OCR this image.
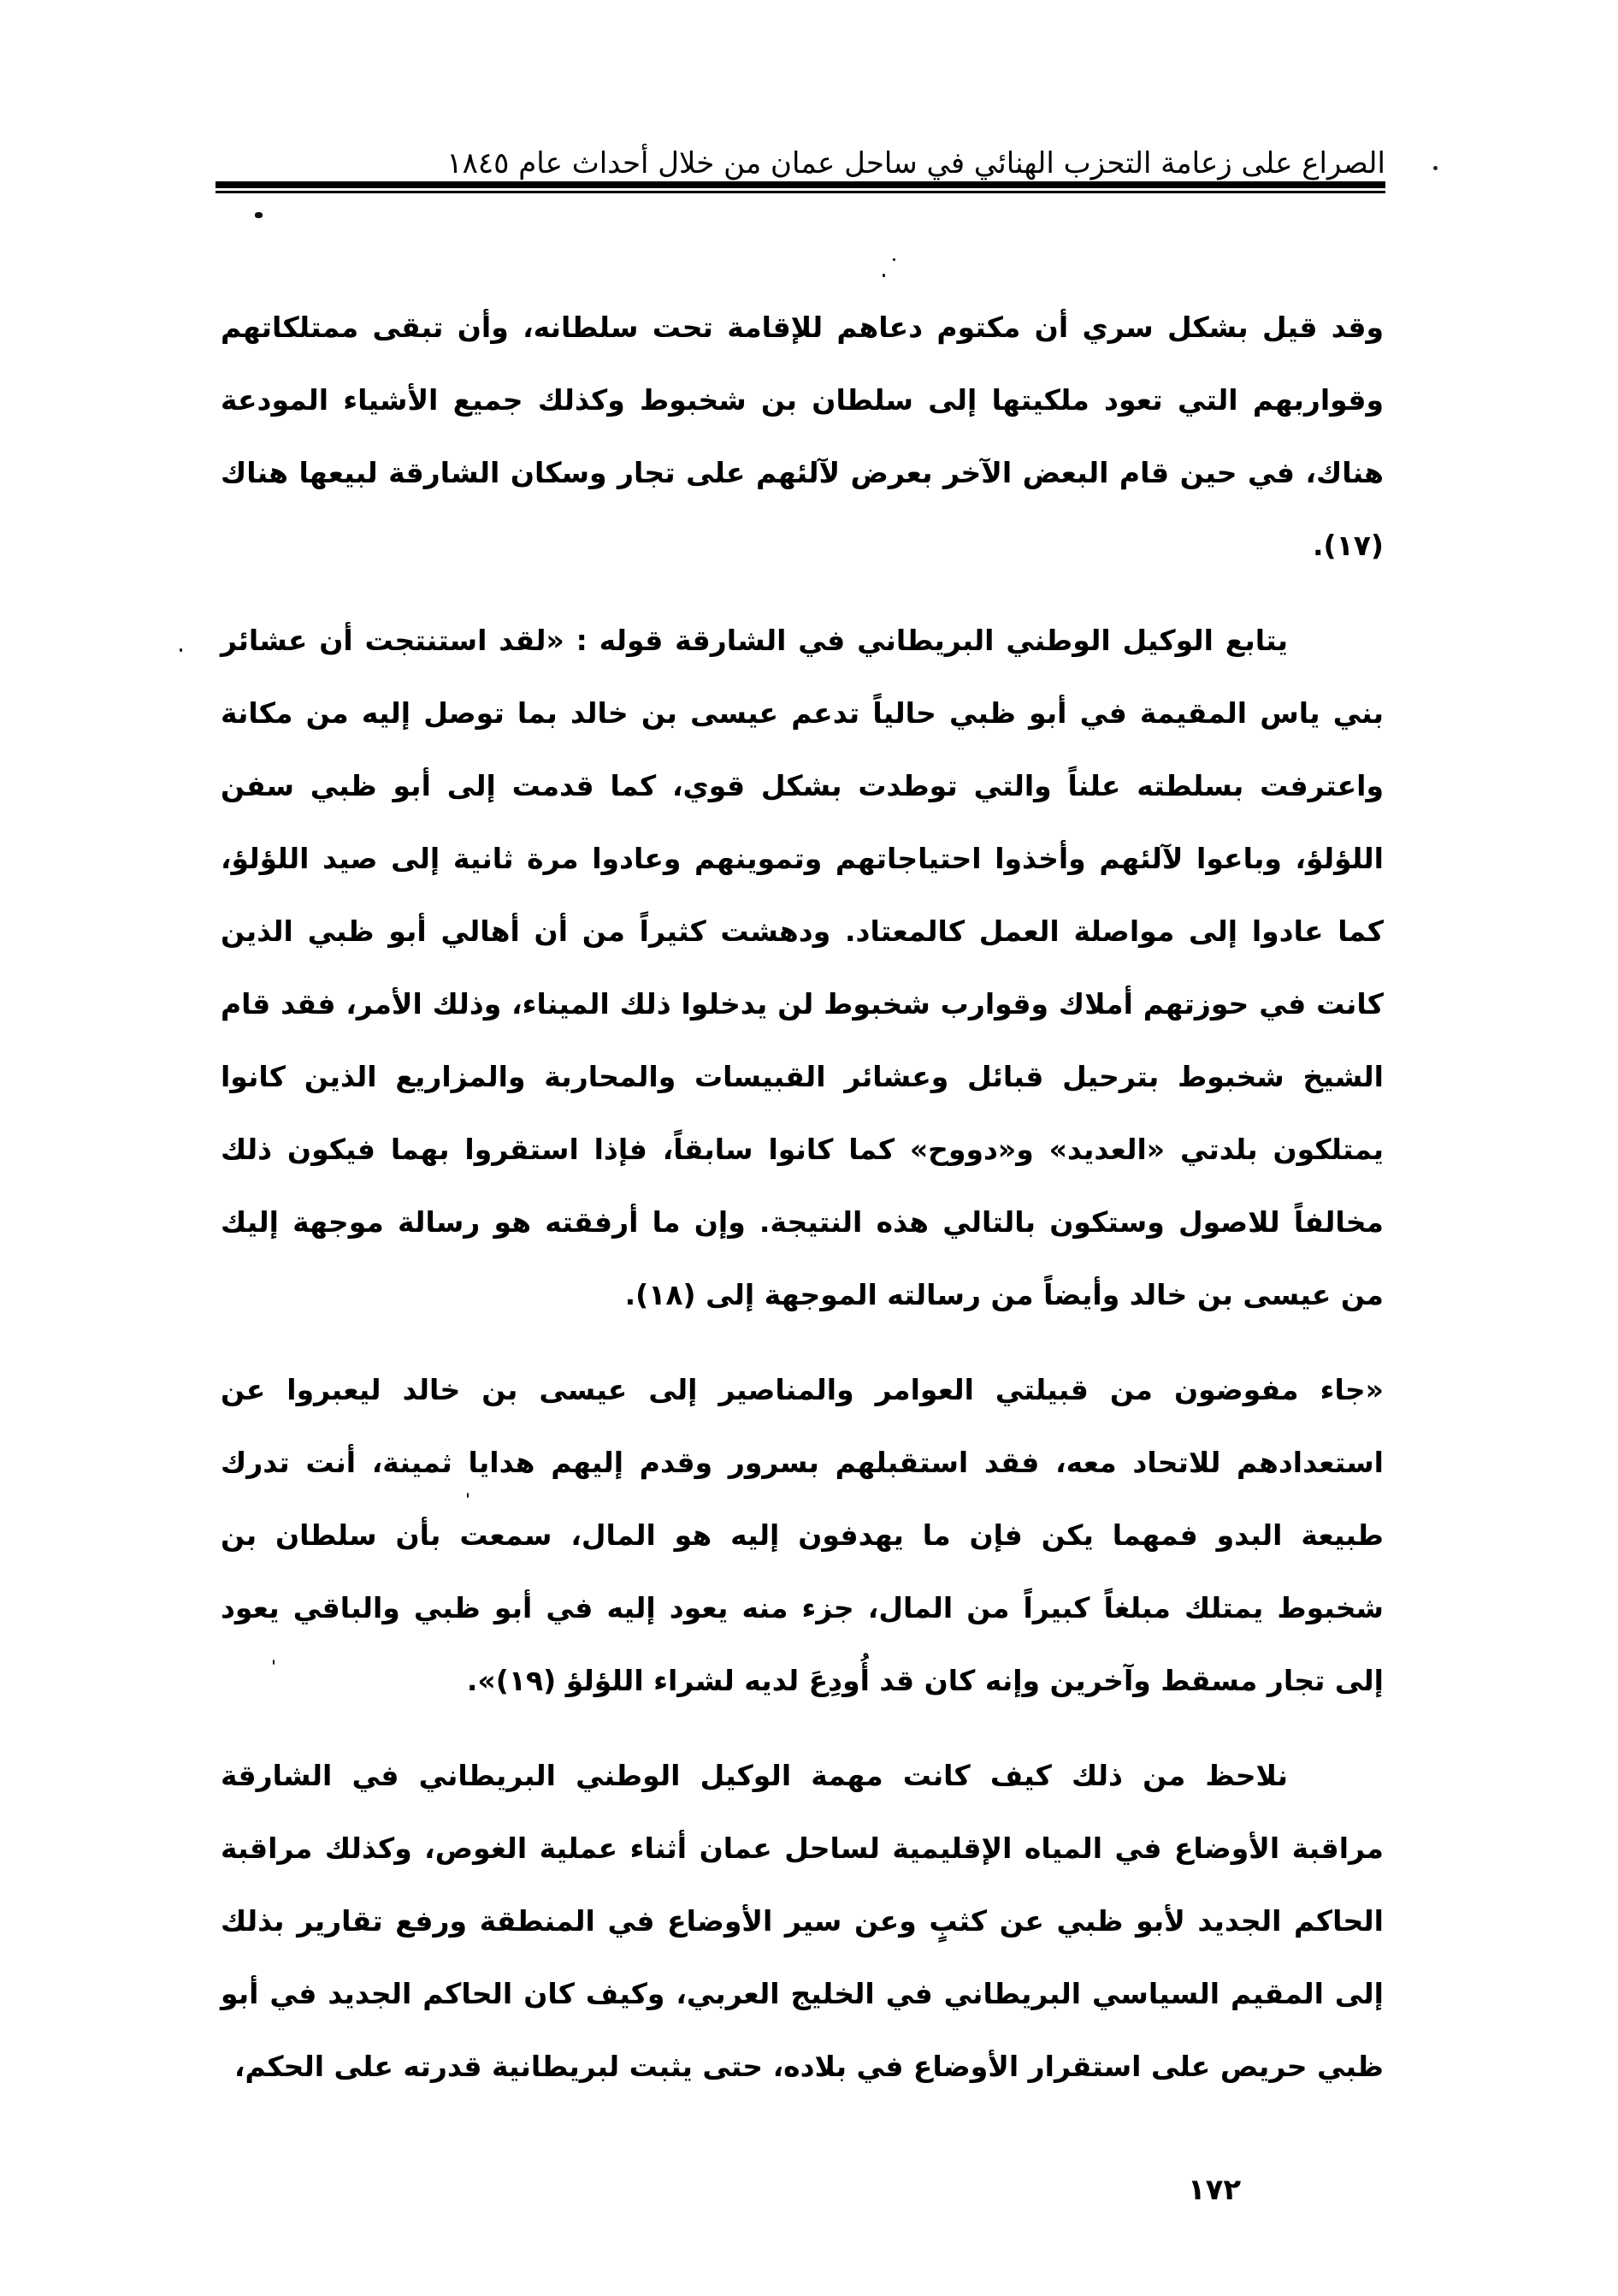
الصراع على زعامة التحزب الهنائي في ساحل عمان من خلال أحداث عام ١٨٤٥

وقد قيل بشكل سري أن مكتوم دعاهم للإقامة تحت سلطانه، وأن تبقى ممتلكاتهم وقواربهم التي تعود ملكيتها إلى سلطان بن شخبوط وكذلك جميع الأشياء المودعة هناك، في حين قام البعض الآخر بعرض لآلئهم على تجار وسكان الشارقة لبيعها هناك (١٧).

يتابع الوكيل الوطني البريطاني في الشارقة قوله : «لقد استنتجت أن عشائر بني ياس المقيمة في أبو ظبي حالياً تدعم عيسى بن خالد بما توصل إليه من مكانة واعترفت بسلطته علناً والتي توطدت بشكل قوي، كما قدمت إلى أبو ظبي سفن اللؤلؤ، وباعوا لآلئهم وأخذوا احتياجاتهم وتموينهم وعادوا مرة ثانية إلى صيد اللؤلؤ، كما عادوا إلى مواصلة العمل كالمعتاد. ودهشت كثيراً من أن أهالي أبو ظبي الذين كانت في حوزتهم أملاك وقوارب شخبوط لن يدخلوا ذلك الميناء، وذلك الأمر، فقد قام الشيخ شخبوط بترحيل قبائل وعشائر القبيسات والمحاربة والمزاريع الذين كانوا يمتلكون بلدتي «العديد» و«دووح» كما كانوا سابقاً، فإذا استقروا بهما فيكون ذلك مخالفاً للاصول وستكون بالتالي هذه النتيجة. وإن ما أرفقته هو رسالة موجهة إليك من عيسى بن خالد وأيضاً من رسالته الموجهة إلى (١٨).

«جاء مفوضون من قبيلتي العوامر والمناصير إلى عيسى بن خالد ليعبروا عن استعدادهم للاتحاد معه، فقد استقبلهم بسرور وقدم إليهم هدايا ثمينة، أنت تدرك طبيعة البدو فمهما يكن فإن ما يهدفون إليه هو المال، سمعت بأن سلطان بن شخبوط يمتلك مبلغاً كبيراً من المال، جزء منه يعود إليه في أبو ظبي والباقي يعود إلى تجار مسقط وآخرين وإنه كان قد أُودِعَ لديه لشراء اللؤلؤ (١٩)».

نلاحظ من ذلك كيف كانت مهمة الوكيل الوطني البريطاني في الشارقة مراقبة الأوضاع في المياه الإقليمية لساحل عمان أثناء عملية الغوص، وكذلك مراقبة الحاكم الجديد لأبو ظبي عن كثبٍ وعن سير الأوضاع في المنطقة ورفع تقارير بذلك إلى المقيم السياسي البريطاني في الخليج العربي، وكيف كان الحاكم الجديد في أبو ظبي حريص على استقرار الأوضاع في بلاده، حتى يثبت لبريطانية قدرته على الحكم،

١٧٢
